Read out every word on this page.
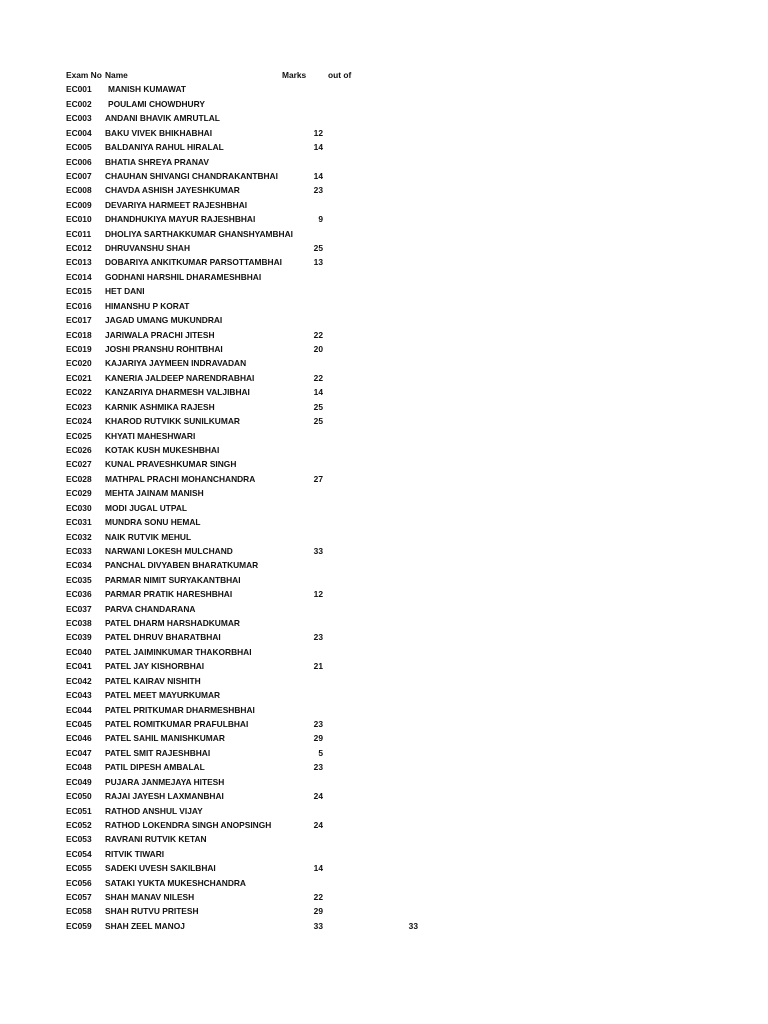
Exam No Name	Marks	out of
EC001	MANISH KUMAWAT
EC002	POULAMI CHOWDHURY
EC003 ANDANI BHAVIK AMRUTLAL
EC004 BAKU VIVEK BHIKHABHAI	12
EC005 BALDANIYA RAHUL HIRALAL	14
EC006 BHATIA SHREYA PRANAV
EC007 CHAUHAN SHIVANGI CHANDRAKANTBHAI	14
EC008 CHAVDA ASHISH JAYESHKUMAR	23
EC009 DEVARIYA HARMEET RAJESHBHAI
EC010 DHANDHUKIYA MAYUR RAJESHBHAI	9
EC011 DHOLIYA SARTHAKKUMAR GHANSHYAMBHAI
EC012 DHRUVANSHU SHAH	25
EC013 DOBARIYA ANKITKUMAR PARSOTTAMBHAI	13
EC014 GODHANI HARSHIL DHARAMESHBHAI
EC015 HET DANI
EC016 HIMANSHU P KORAT
EC017 JAGAD UMANG MUKUNDRAI
EC018 JARIWALA PRACHI JITESH	22
EC019 JOSHI PRANSHU ROHITBHAI	20
EC020 KAJARIYA JAYMEEN INDRAVADAN
EC021 KANERIA JALDEEP NARENDRABHAI	22
EC022 KANZARIYA DHARMESH VALJIBHAI	14
EC023 KARNIK ASHMIKA RAJESH	25
EC024 KHAROD RUTVIKK SUNILKUMAR	25
EC025 KHYATI MAHESHWARI
EC026 KOTAK KUSH MUKESHBHAI
EC027 KUNAL PRAVESHKUMAR SINGH
EC028 MATHPAL PRACHI MOHANCHANDRA	27
EC029 MEHTA JAINAM MANISH
EC030 MODI JUGAL UTPAL
EC031 MUNDRA SONU HEMAL
EC032 NAIK RUTVIK MEHUL
EC033 NARWANI LOKESH MULCHAND	33
EC034 PANCHAL DIVYABEN BHARATKUMAR
EC035 PARMAR NIMIT SURYAKANTBHAI
EC036 PARMAR PRATIK HARESHBHAI	12
EC037 PARVA CHANDARANA
EC038 PATEL DHARM HARSHADKUMAR
EC039 PATEL DHRUV BHARATBHAI	23
EC040 PATEL JAIMINKUMAR THAKORBHAI
EC041 PATEL JAY KISHORBHAI	21
EC042 PATEL KAIRAV NISHITH
EC043 PATEL MEET MAYURKUMAR
EC044 PATEL PRITKUMAR DHARMESHBHAI
EC045 PATEL ROMITKUMAR PRAFULBHAI	23
EC046 PATEL SAHIL MANISHKUMAR	29
EC047 PATEL SMIT RAJESHBHAI	5
EC048 PATIL DIPESH AMBALAL	23
EC049 PUJARA JANMEJAYA HITESH
EC050 RAJAI JAYESH LAXMANBHAI	24
EC051 RATHOD ANSHUL VIJAY
EC052 RATHOD LOKENDRA SINGH ANOPSINGH	24
EC053 RAVRANI RUTVIK KETAN
EC054 RITVIK TIWARI
EC055 SADEKI UVESH SAKILBHAI	14
EC056 SATAKI YUKTA MUKESHCHANDRA
EC057 SHAH MANAV NILESH	22
EC058 SHAH RUTVU PRITESH	29
EC059 SHAH ZEEL MANOJ	33	33
